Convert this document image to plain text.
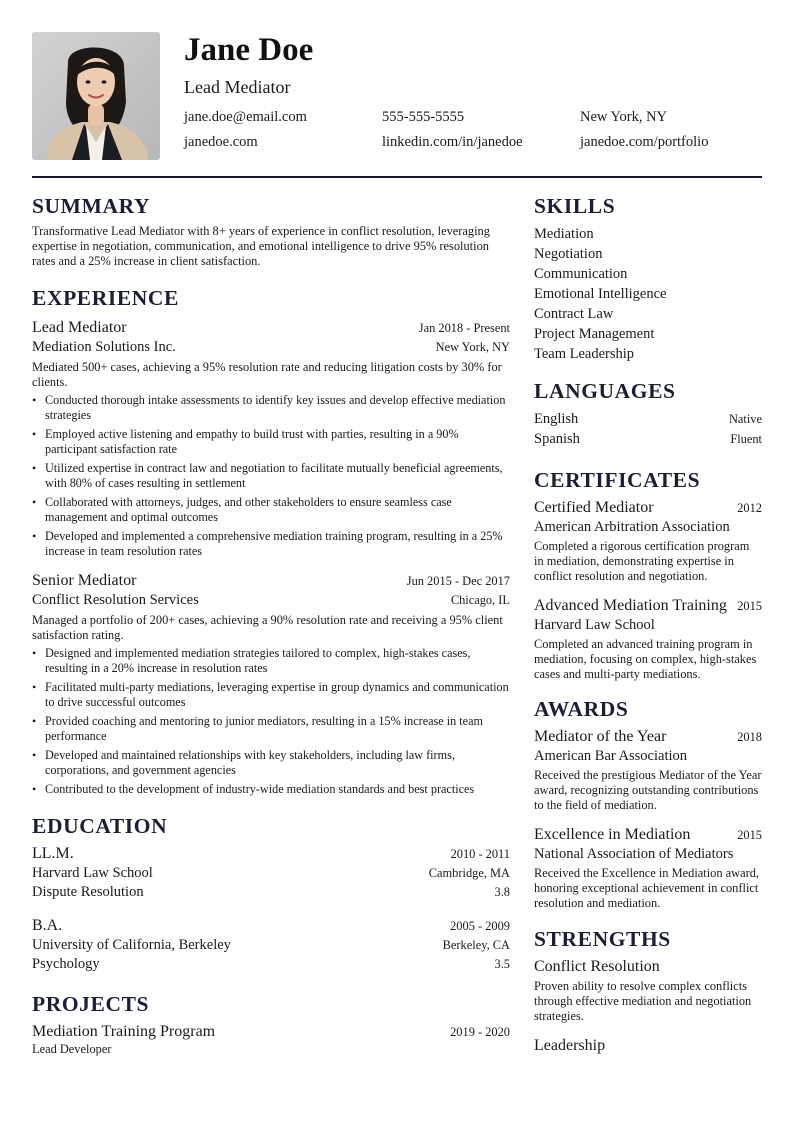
Jane Doe
Lead Mediator
jane.doe@email.com	555-555-5555	New York, NY
janedoe.com	linkedin.com/in/janedoe	janedoe.com/portfolio
SUMMARY
Transformative Lead Mediator with 8+ years of experience in conflict resolution, leveraging expertise in negotiation, communication, and emotional intelligence to drive 95% resolution rates and a 25% increase in client satisfaction.
EXPERIENCE
Lead Mediator	Jan 2018 - Present
Mediation Solutions Inc.	New York, NY
Mediated 500+ cases, achieving a 95% resolution rate and reducing litigation costs by 30% for clients.
• Conducted thorough intake assessments to identify key issues and develop effective mediation strategies
• Employed active listening and empathy to build trust with parties, resulting in a 90% participant satisfaction rate
• Utilized expertise in contract law and negotiation to facilitate mutually beneficial agreements, with 80% of cases resulting in settlement
• Collaborated with attorneys, judges, and other stakeholders to ensure seamless case management and optimal outcomes
• Developed and implemented a comprehensive mediation training program, resulting in a 25% increase in team resolution rates
Senior Mediator	Jun 2015 - Dec 2017
Conflict Resolution Services	Chicago, IL
Managed a portfolio of 200+ cases, achieving a 90% resolution rate and receiving a 95% client satisfaction rating.
• Designed and implemented mediation strategies tailored to complex, high-stakes cases, resulting in a 20% increase in resolution rates
• Facilitated multi-party mediations, leveraging expertise in group dynamics and communication to drive successful outcomes
• Provided coaching and mentoring to junior mediators, resulting in a 15% increase in team performance
• Developed and maintained relationships with key stakeholders, including law firms, corporations, and government agencies
• Contributed to the development of industry-wide mediation standards and best practices
EDUCATION
LL.M.	2010 - 2011
Harvard Law School	Cambridge, MA
Dispute Resolution	3.8
B.A.	2005 - 2009
University of California, Berkeley	Berkeley, CA
Psychology	3.5
PROJECTS
Mediation Training Program	2019 - 2020
Lead Developer
SKILLS
Mediation
Negotiation
Communication
Emotional Intelligence
Contract Law
Project Management
Team Leadership
LANGUAGES
English	Native
Spanish	Fluent
CERTIFICATES
Certified Mediator	2012
American Arbitration Association
Completed a rigorous certification program in mediation, demonstrating expertise in conflict resolution and negotiation.
Advanced Mediation Training 2015
Harvard Law School
Completed an advanced training program in mediation, focusing on complex, high-stakes cases and multi-party mediations.
AWARDS
Mediator of the Year	2018
American Bar Association
Received the prestigious Mediator of the Year award, recognizing outstanding contributions to the field of mediation.
Excellence in Mediation	2015
National Association of Mediators
Received the Excellence in Mediation award, honoring exceptional achievement in conflict resolution and mediation.
STRENGTHS
Conflict Resolution
Proven ability to resolve complex conflicts through effective mediation and negotiation strategies.
Leadership
